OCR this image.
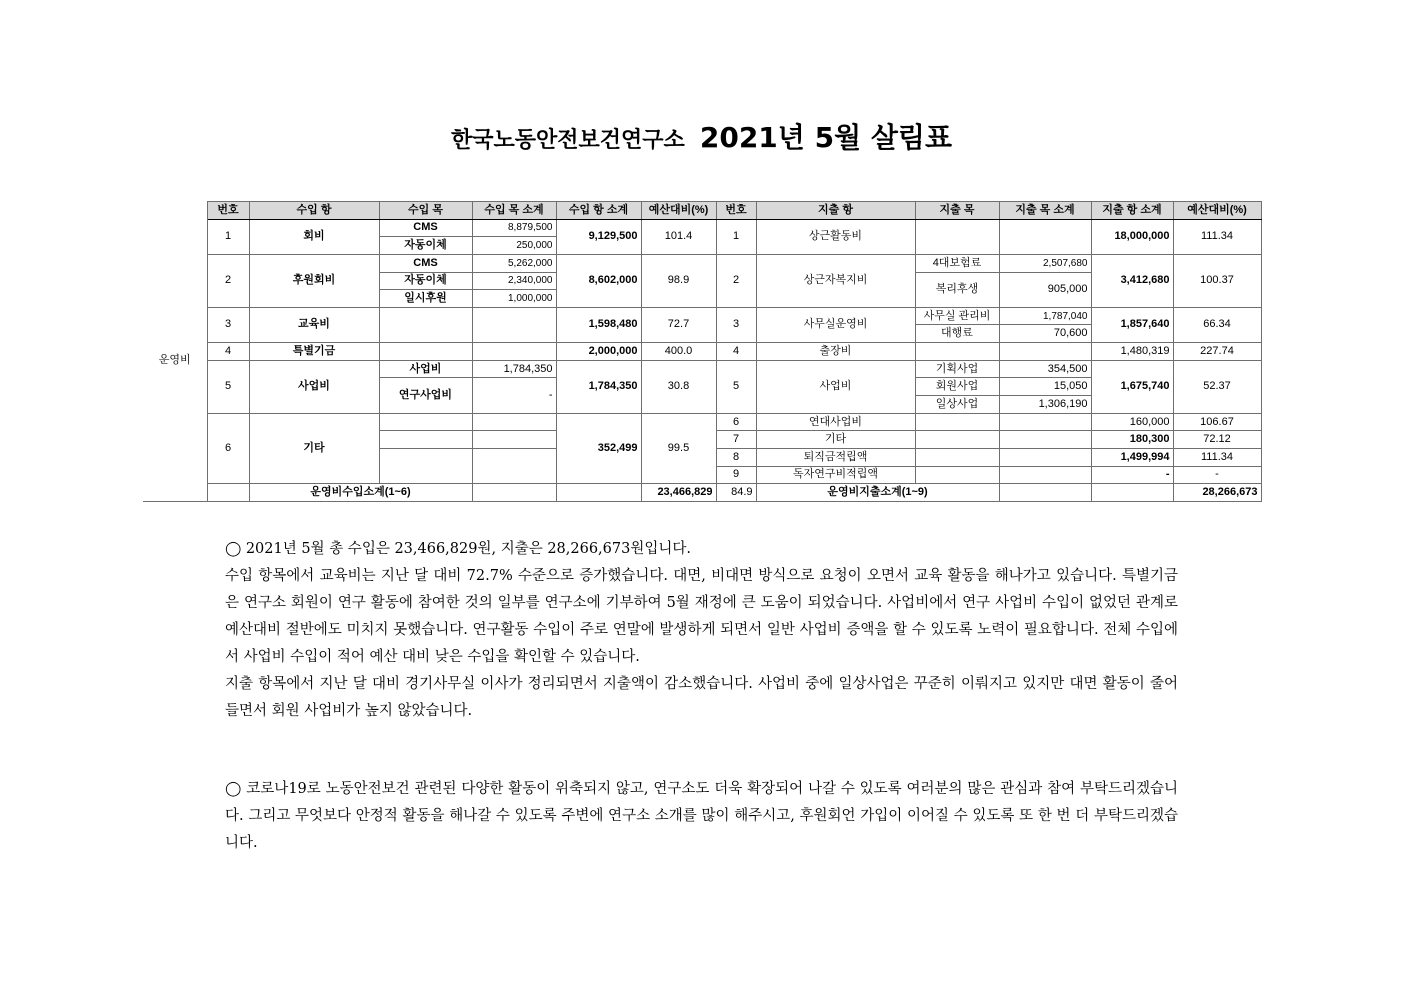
한국노동안전보건연구소 2021년 5월 살림표
	번호	수입 항	수입 목	수입 목 소계	수입 항 소계	예산대비(%)	번호	지출 항	지출 목	지출 목 소계	지출 항 소계	예산대비(%)	
운영비	1	회비	CMS	8,879,500	9,129,500	101.4	1	상근활동비			18,000,000	111.34	
			자동이체	250,000									
	2	후원회비	CMS	5,262,000	8,602,000	98.9	2	상근자복지비	4대보험료	2,507,680	3,412,680	100.37	
			자동이체	2,340,000					복리후생	905,000			
			일시후원	1,000,000									
	3	교육비			1,598,480	72.7	3	사무실운영비	사무실 관리비	1,787,040	1,857,640	66.34	
									대행료	70,600			
	4	특별기금			2,000,000	400.0	4	출장비			1,480,319	227.74	
	5	사업비	사업비	1,784,350	1,784,350	30.8	5	사업비	기획사업	354,500	1,675,740	52.37	
			연구사업비	-					회원사업	15,050			
									일상사업	1,306,190			
	6	기타			352,499	99.5	6	연대사업비			160,000	106.67	
							7	기타			180,300	72.12	
							8	퇴직금적립액			1,499,994	111.34	
							9	독자연구비적립액			-	-	
		운영비수입소계(1~6)				23,466,829	84.9	운영비지출소계(1~9)				28,266,673	
◯ 2021년 5월 총 수입은 23,466,829원, 지출은 28,266,673원입니다.
수입 항목에서 교육비는 지난 달 대비 72.7% 수준으로 증가했습니다. 대면, 비대면 방식으로 요청이 오면서 교육 활동을 해나가고 있습니다. 특별기금은 연구소 회원이 연구 활동에 참여한 것의 일부를 연구소에 기부하여 5월 재정에 큰 도움이 되었습니다. 사업비에서 연구 사업비 수입이 없었던 관계로 예산대비 절반에도 미치지 못했습니다. 연구활동 수입이 주로 연말에 발생하게 되면서 일반 사업비 증액을 할 수 있도록 노력이 필요합니다. 전체 수입에서 사업비 수입이 적어 예산 대비 낮은 수입을 확인할 수 있습니다.
지출 항목에서 지난 달 대비 경기사무실 이사가 정리되면서 지출액이 감소했습니다. 사업비 중에 일상사업은 꾸준히 이뤄지고 있지만 대면 활동이 줄어들면서 회원 사업비가 높지 않았습니다.
◯ 코로나19로 노동안전보건 관련된 다양한 활동이 위축되지 않고, 연구소도 더욱 확장되어 나갈 수 있도록 여러분의 많은 관심과 참여 부탁드리겠습니다. 그리고 무엇보다 안정적 활동을 해나갈 수 있도록 주변에 연구소 소개를 많이 해주시고, 후원회언 가입이 이어질 수 있도록 또 한 번 더 부탁드리겠습니다.
